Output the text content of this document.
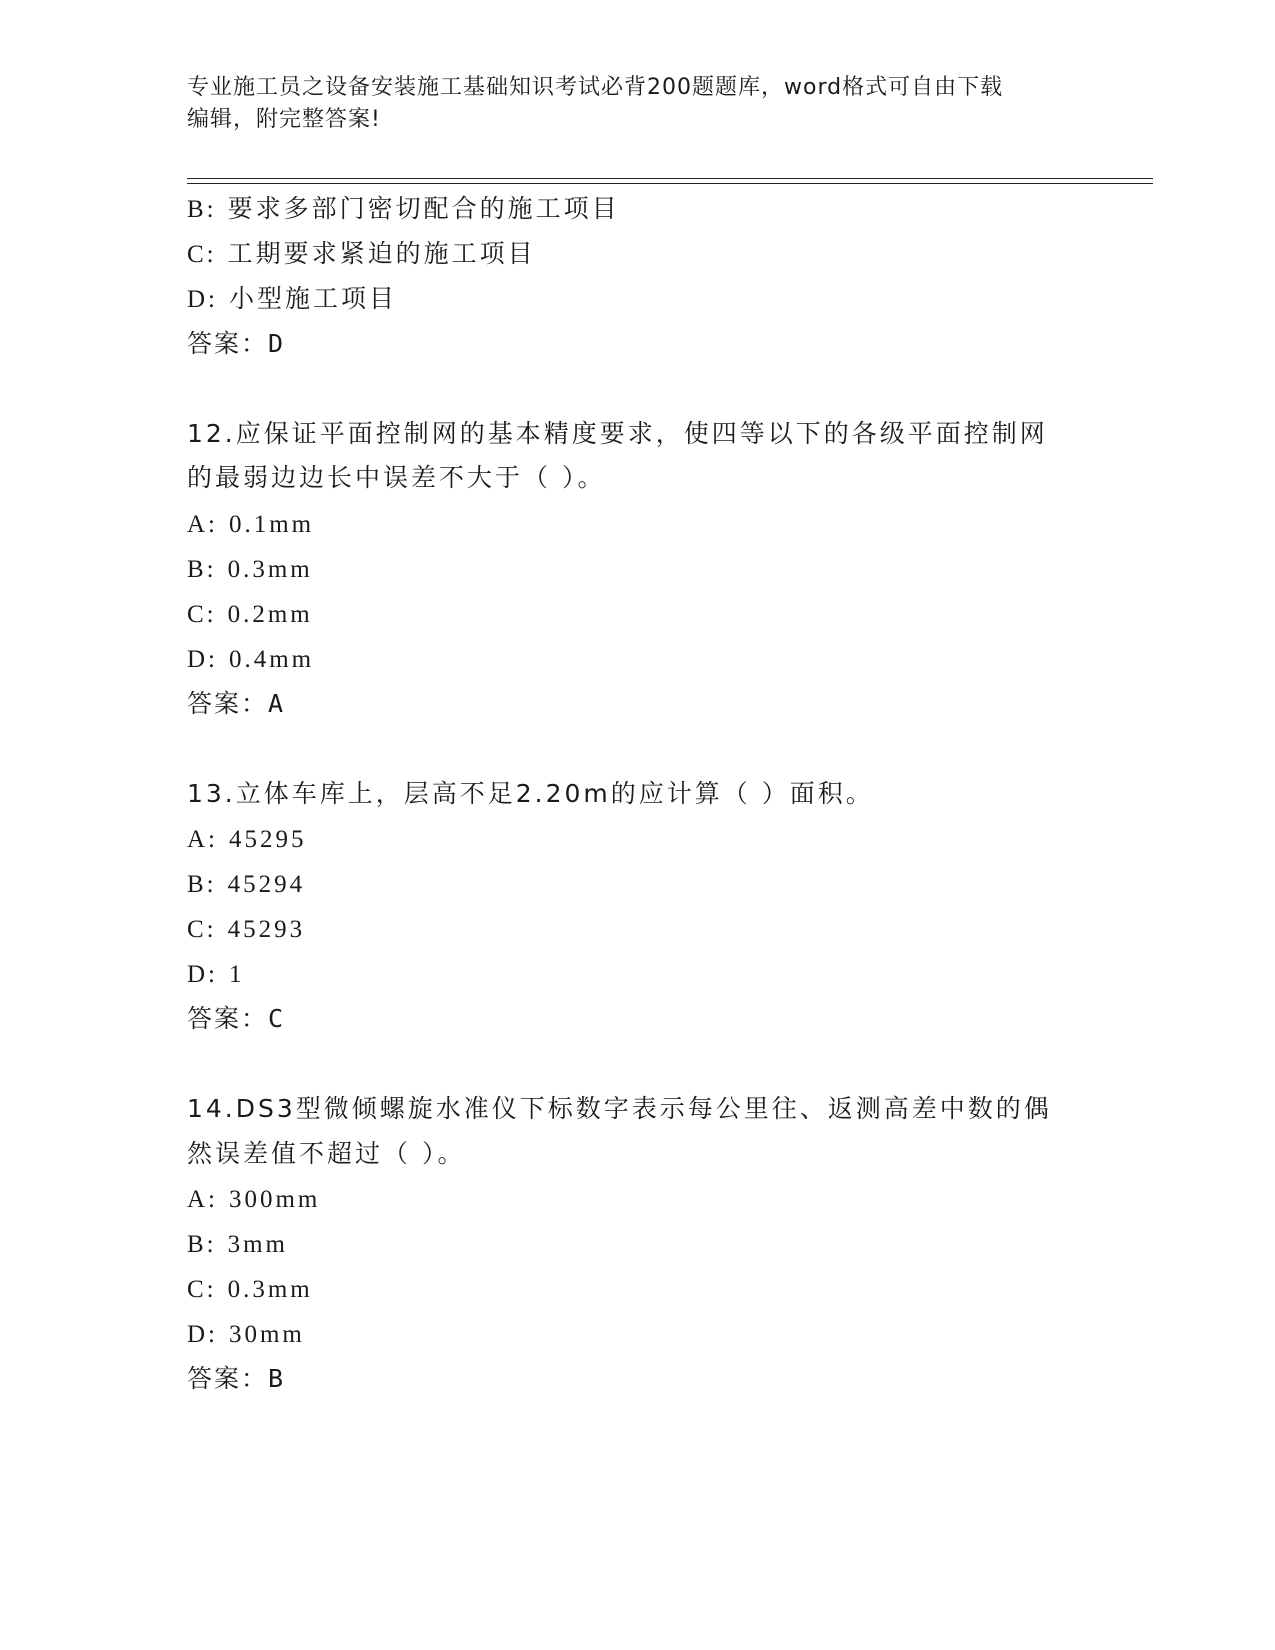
专业施工员之设备安装施工基础知识考试必背200题题库，word格式可自由下载
编辑，附完整答案!
B: 要求多部门密切配合的施工项目
C: 工期要求紧迫的施工项目
D: 小型施工项目
答案：D
12.应保证平面控制网的基本精度要求，使四等以下的各级平面控制网
的最弱边边长中误差不大于（ ）。
A: 0.1mm
B: 0.3mm
C: 0.2mm
D: 0.4mm
答案：A
13.立体车库上，层高不足2.20m的应计算（ ）面积。
A: 45295
B: 45294
C: 45293
D: 1
答案：C
14.DS3型微倾螺旋水准仪下标数字表示每公里往、返测高差中数的偶
然误差值不超过（ ）。
A: 300mm
B: 3mm
C: 0.3mm
D: 30mm
答案：B
